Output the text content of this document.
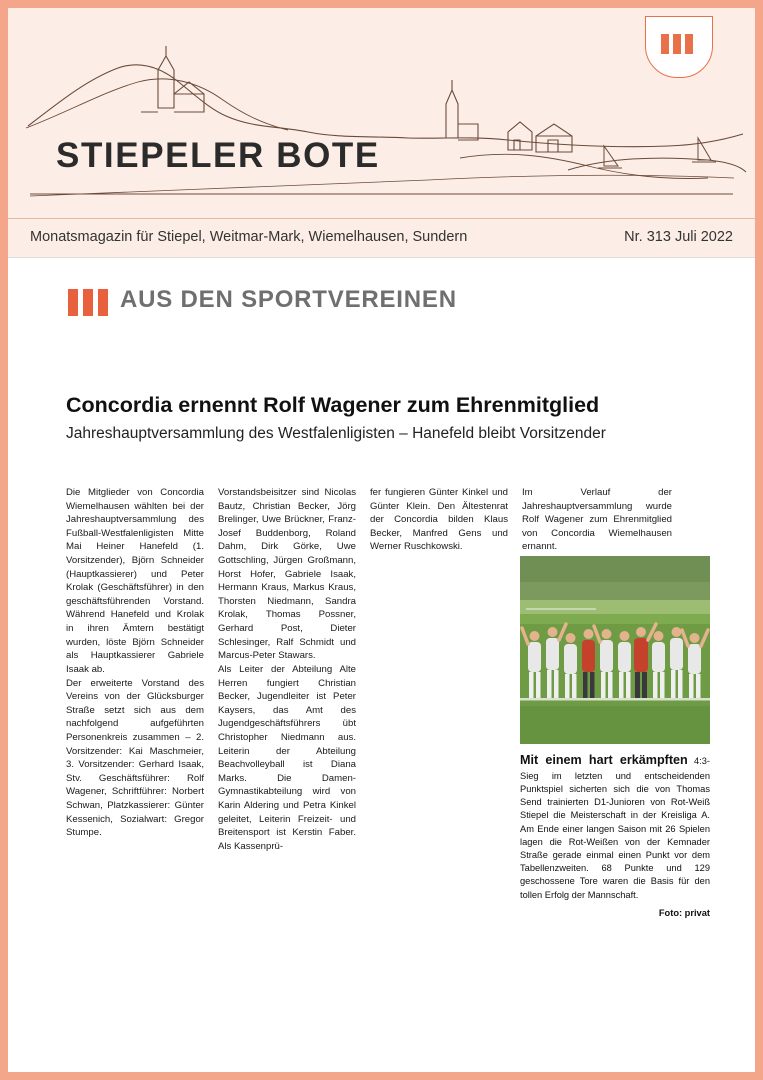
STIEPELER BOTE
Monatsmagazin für Stiepel, Weitmar-Mark, Wiemelhausen, Sundern	Nr. 313 Juli 2022
AUS DEN SPORTVEREINEN
Concordia ernennt Rolf Wagener zum Ehrenmitglied
Jahreshauptversammlung des Westfalenligisten – Hanefeld bleibt Vorsitzender

Die Mitglieder von Concordia Wiemelhausen wählten bei der Jahreshauptversammlung des Fußball-Westfalenligisten Mitte Mai Heiner Hanefeld (1. Vorsitzender), Björn Schneider (Hauptkassierer) und Peter Krolak (Geschäftsführer) in den geschäftsführenden Vorstand. Während Hanefeld und Krolak in ihren Ämtern bestätigt wurden, löste Björn Schneider als Hauptkassierer Gabriele Isaak ab.

Der erweiterte Vorstand des Vereins von der Glücksburger Straße setzt sich aus dem nachfolgend aufgeführten Personenkreis zusammen – 2. Vorsitzender: Kai Maschmeier, 3. Vorsitzender: Gerhard Isaak, Stv. Geschäftsführer: Rolf Wagener, Schriftführer: Norbert Schwan, Platzkassierer: Günter Kessenich, Sozialwart: Gregor Stumpe.

Vorstandsbeisitzer sind Nicolas Bautz, Christian Becker, Jörg Brelinger, Uwe Brückner, Franz-Josef Buddenborg, Roland Dahm, Dirk Görke, Uwe Gottschling, Jürgen Großmann, Horst Hofer, Gabriele Isaak, Hermann Kraus, Markus Kraus, Thorsten Niedmann, Sandra Krolak, Thomas Possner, Gerhard Post, Dieter Schlesinger, Ralf Schmidt und Marcus-Peter Stawars.

Als Leiter der Abteilung Alte Herren fungiert Christian Becker, Jugendleiter ist Peter Kaysers, das Amt des Jugendgeschäftsführers übt Christopher Niedmann aus. Leiterin der Abteilung Beachvolleyball ist Diana Marks. Die Damen-Gymnastikabteilung wird von Karin Aldering und Petra Kinkel geleitet, Leiterin Freizeit- und Breitensport ist Kerstin Faber. Als Kassenprü-

fer fungieren Günter Kinkel und Günter Klein. Den Ältestenrat der Concordia bilden Klaus Becker, Manfred Gens und Werner Ruschkowski.

Im Verlauf der Jahreshauptversammlung wurde Rolf Wagener zum Ehrenmitglied von Concordia Wiemelhausen ernannt.

Mit einem hart erkämpften 4:3-Sieg im letzten und entscheidenden Punktspiel sicherten sich die von Thomas Send trainierten D1-Junioren von Rot-Weiß Stiepel die Meisterschaft in der Kreisliga A. Am Ende einer langen Saison mit 26 Spielen lagen die Rot-Weißen von der Kemnader Straße gerade einmal einen Punkt vor dem Tabellenzweiten. 68 Punkte und 129 geschossene Tore waren die Basis für den tollen Erfolg der Mannschaft.
Foto: privat
